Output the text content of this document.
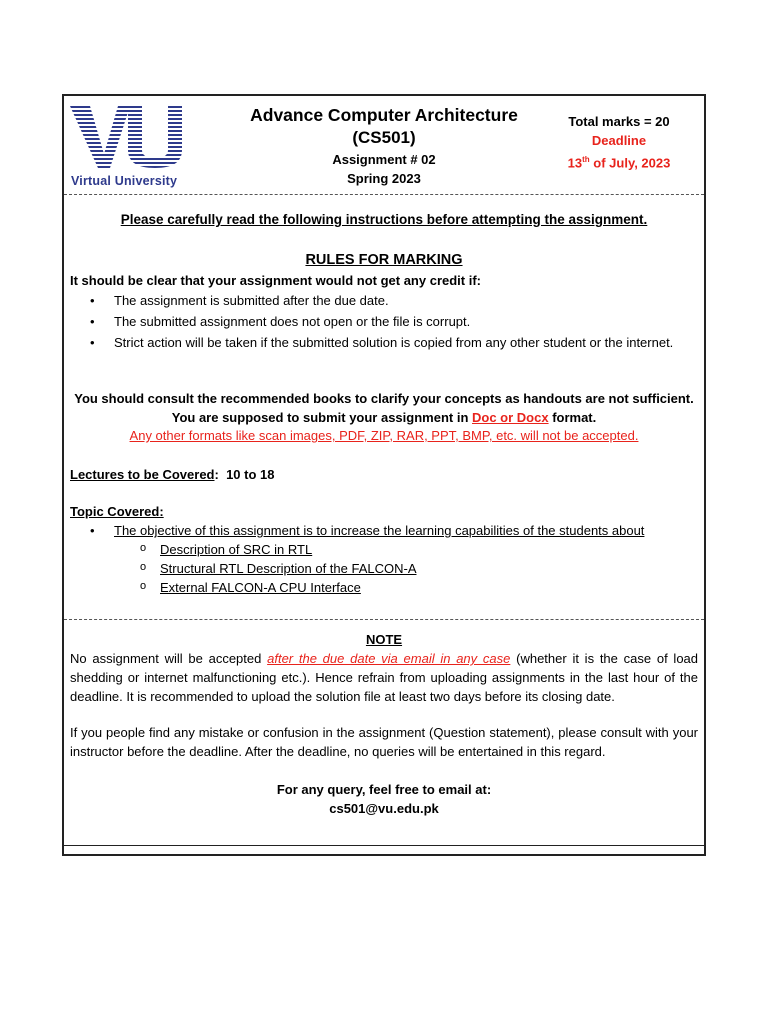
Virtual University
Advance Computer Architecture
(CS501)
Assignment # 02
Spring 2023
Total marks = 20
Deadline
13th of July, 2023
Please carefully read the following instructions before attempting the assignment.
RULES FOR MARKING
It should be clear that your assignment would not get any credit if:
• The assignment is submitted after the due date.
• The submitted assignment does not open or the file is corrupt.
• Strict action will be taken if the submitted solution is copied from any other student or the internet.
You should consult the recommended books to clarify your concepts as handouts are not sufficient.
You are supposed to submit your assignment in Doc or Docx format.
Any other formats like scan images, PDF, ZIP, RAR, PPT, BMP, etc. will not be accepted.
Lectures to be Covered:  10 to 18
Topic Covered:
• The objective of this assignment is to increase the learning capabilities of the students about
o Description of SRC in RTL
o Structural RTL Description of the FALCON-A
o External FALCON-A CPU Interface
NOTE
No assignment will be accepted after the due date via email in any case (whether it is the case of load shedding or internet malfunctioning etc.). Hence refrain from uploading assignments in the last hour of the deadline. It is recommended to upload the solution file at least two days before its closing date.
If you people find any mistake or confusion in the assignment (Question statement), please consult with your instructor before the deadline. After the deadline, no queries will be entertained in this regard.
For any query, feel free to email at:
cs501@vu.edu.pk
